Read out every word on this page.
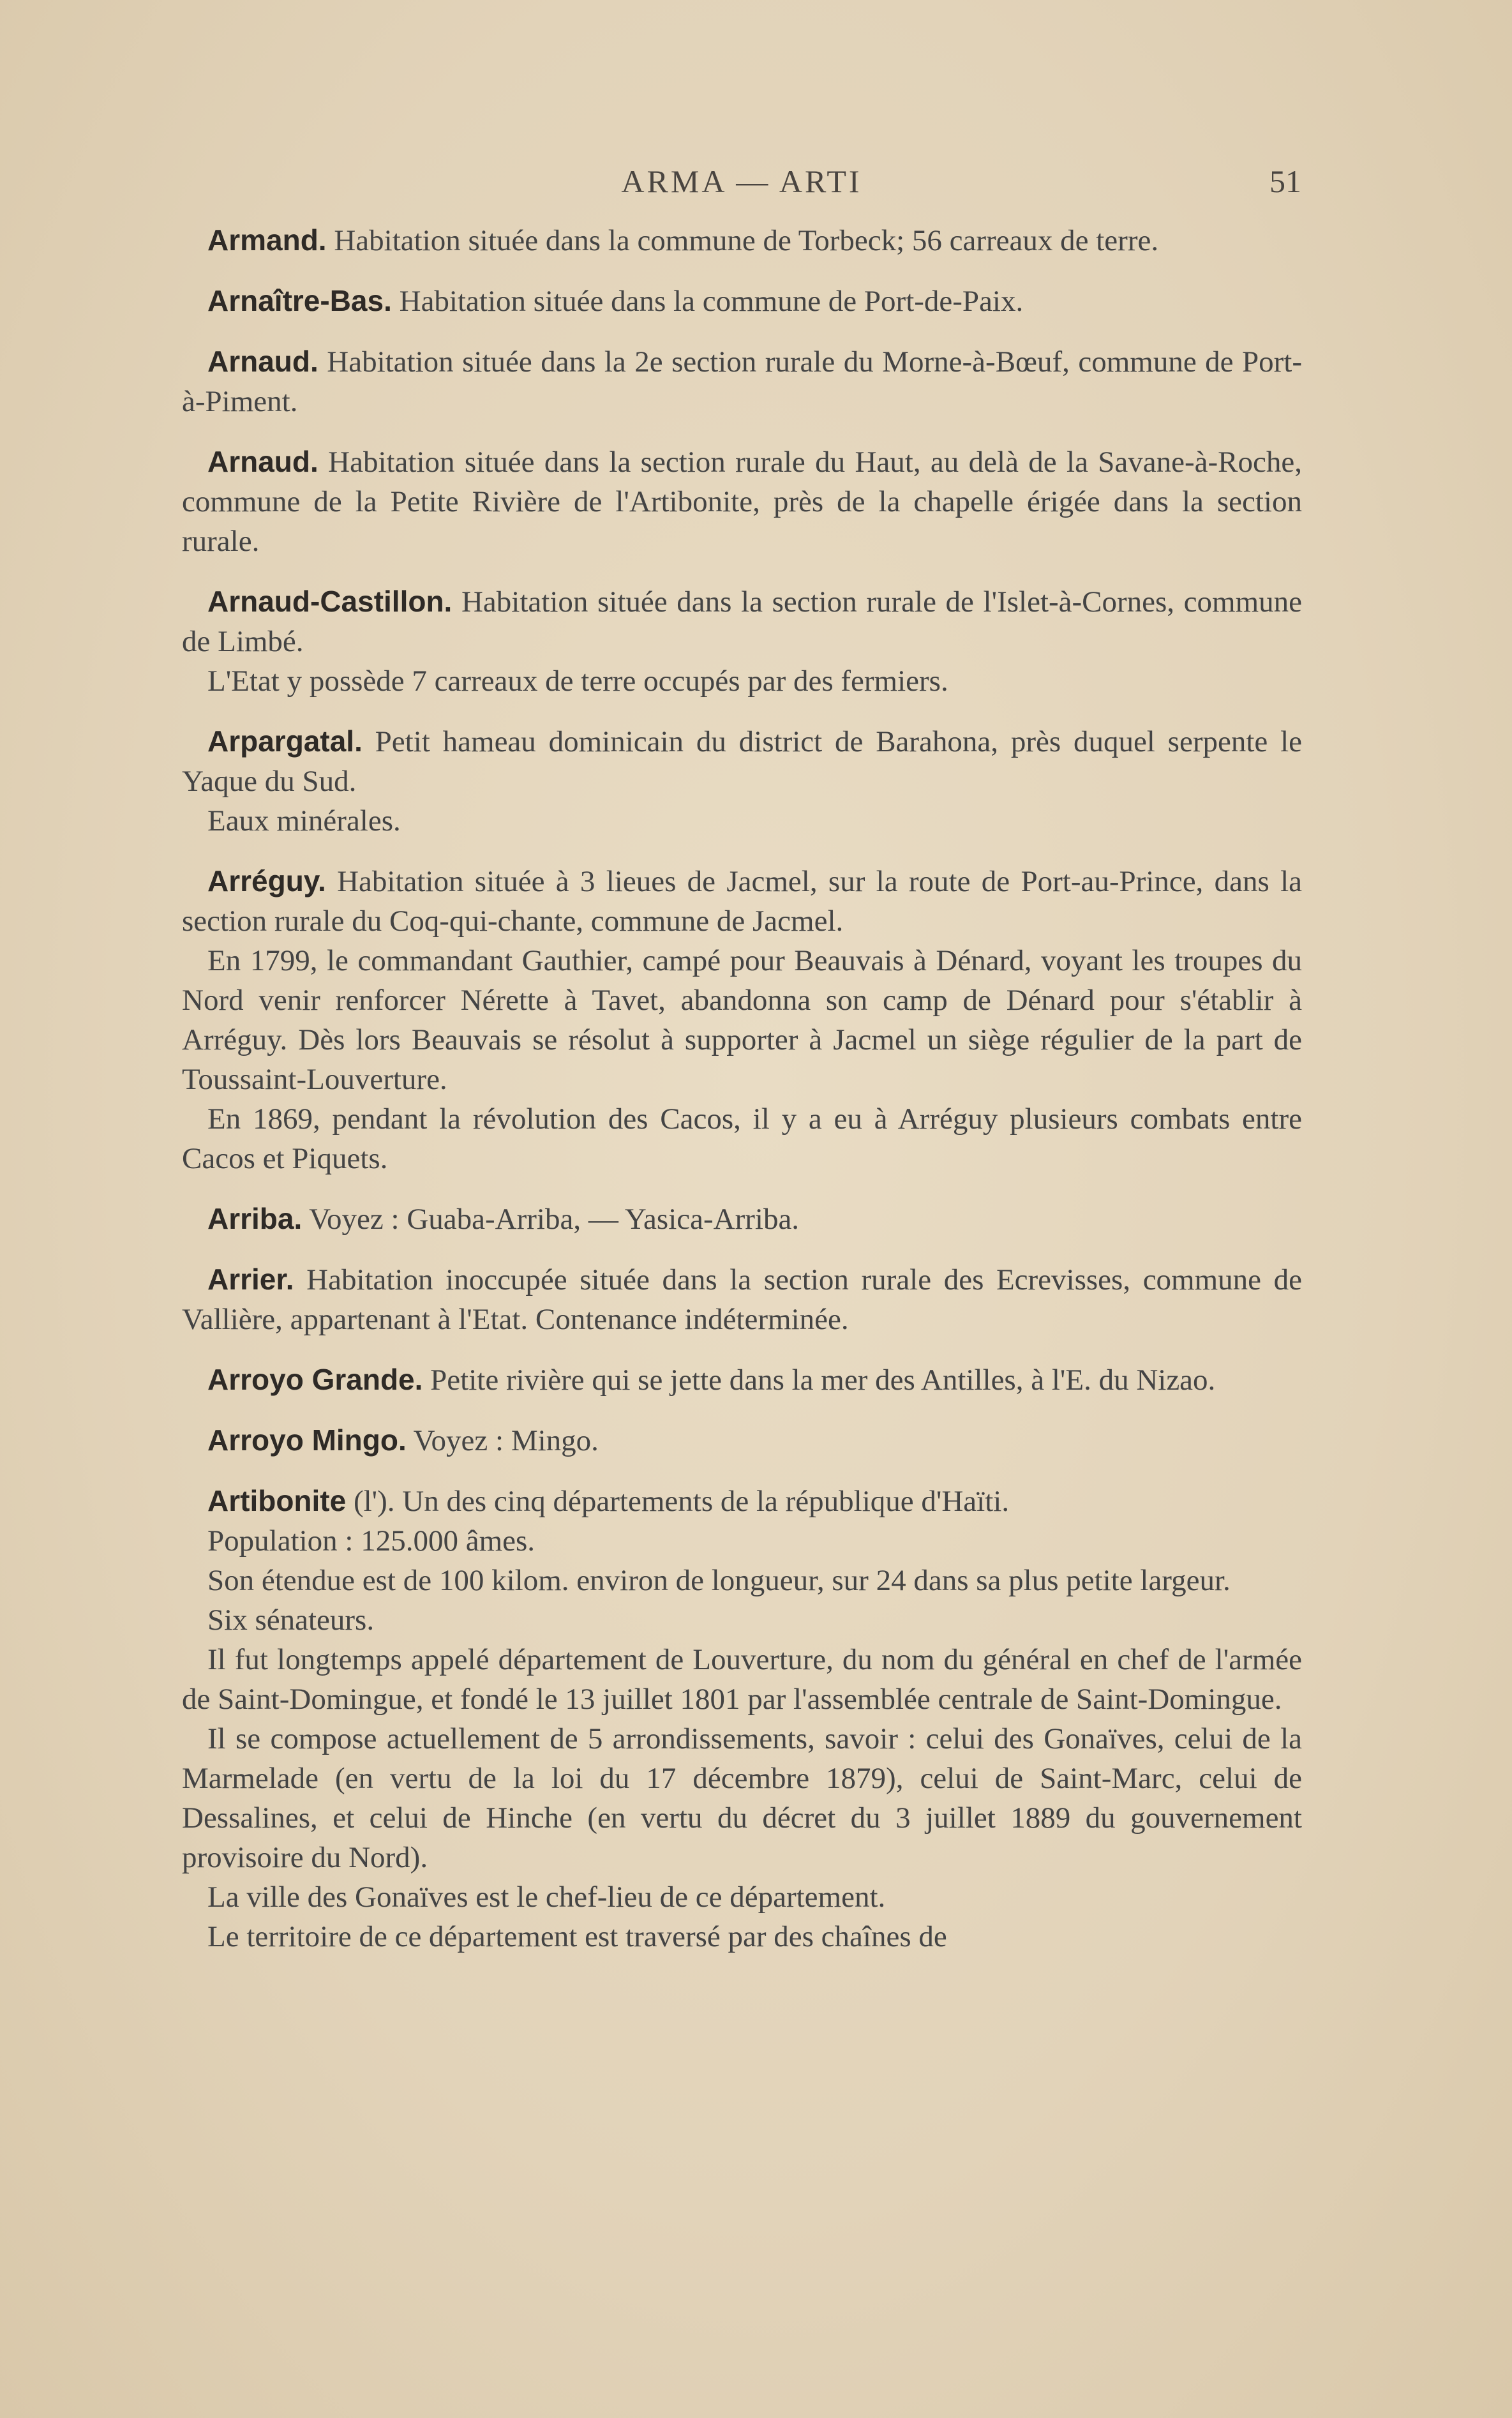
ARMA — ARTI	51

Armand. Habitation située dans la commune de Torbeck; 56 carreaux de terre.

Arnaître-Bas. Habitation située dans la commune de Port-de-Paix.

Arnaud. Habitation située dans la 2e section rurale du Morne-à-Bœuf, commune de Port-à-Piment.

Arnaud. Habitation située dans la section rurale du Haut, au delà de la Savane-à-Roche, commune de la Petite Rivière de l'Artibonite, près de la chapelle érigée dans la section rurale.

Arnaud-Castillon. Habitation située dans la section rurale de l'Islet-à-Cornes, commune de Limbé.

L'Etat y possède 7 carreaux de terre occupés par des fermiers.

Arpargatal. Petit hameau dominicain du district de Barahona, près duquel serpente le Yaque du Sud.

Eaux minérales.

Arréguy. Habitation située à 3 lieues de Jacmel, sur la route de Port-au-Prince, dans la section rurale du Coq-qui-chante, commune de Jacmel.

En 1799, le commandant Gauthier, campé pour Beauvais à Dénard, voyant les troupes du Nord venir renforcer Nérette à Tavet, abandonna son camp de Dénard pour s'établir à Arréguy. Dès lors Beauvais se résolut à supporter à Jacmel un siège régulier de la part de Toussaint-Louverture.

En 1869, pendant la révolution des Cacos, il y a eu à Arréguy plusieurs combats entre Cacos et Piquets.

Arriba. Voyez : Guaba-Arriba, — Yasica-Arriba.

Arrier. Habitation inoccupée située dans la section rurale des Ecrevisses, commune de Vallière, appartenant à l'Etat. Contenance indéterminée.

Arroyo Grande. Petite rivière qui se jette dans la mer des Antilles, à l'E. du Nizao.

Arroyo Mingo. Voyez : Mingo.

Artibonite (l'). Un des cinq départements de la république d'Haïti.

Population : 125.000 âmes.

Son étendue est de 100 kilom. environ de longueur, sur 24 dans sa plus petite largeur.

Six sénateurs.

Il fut longtemps appelé département de Louverture, du nom du général en chef de l'armée de Saint-Domingue, et fondé le 13 juillet 1801 par l'assemblée centrale de Saint-Domingue.

Il se compose actuellement de 5 arrondissements, savoir : celui des Gonaïves, celui de la Marmelade (en vertu de la loi du 17 décembre 1879), celui de Saint-Marc, celui de Dessalines, et celui de Hinche (en vertu du décret du 3 juillet 1889 du gouvernement provisoire du Nord).

La ville des Gonaïves est le chef-lieu de ce département.

Le territoire de ce département est traversé par des chaînes de
